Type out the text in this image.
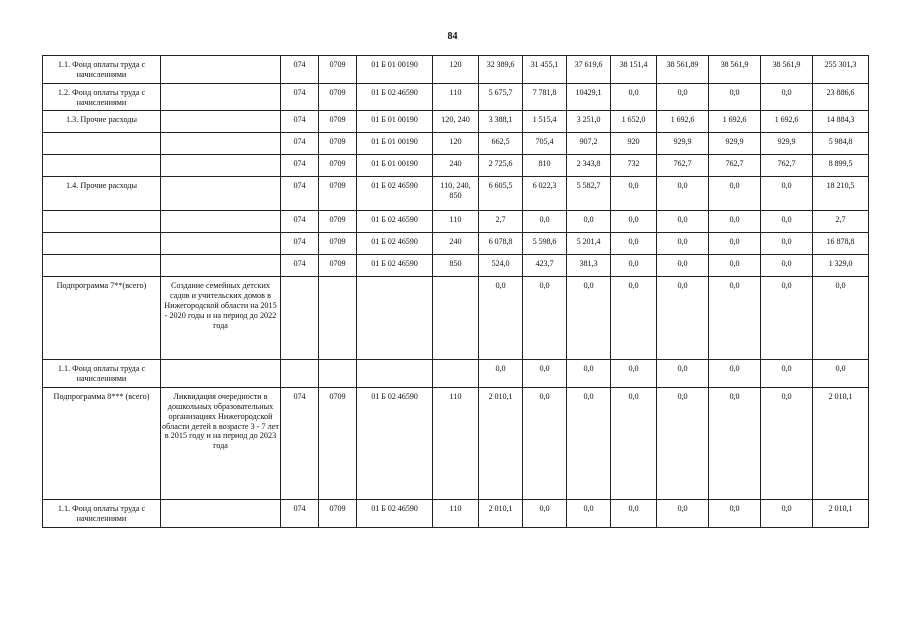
84
1.1. Фонд оплаты труда с начислениями		074	0709	01 Б 01 00190	120	32 389,6	31 455,1	37 619,6	38 151,4	38 561,89	38 561,9	38 561,9	255 301,3
1.2. Фонд оплаты труда с начислениями		074	0709	01 Б 02 46590	110	5 675,7	7 781,8	10429,1	0,0	0,0	0,0	0,0	23 886,6
1.3. Прочие расходы		074	0709	01 Б 01 00190	120, 240	3 388,1	1 515,4	3 251,0	1 652,0	1 692,6	1 692,6	1 692,6	14 884,3
		074	0709	01 Б 01 00190	120	662,5	705,4	907,2	920	929,9	929,9	929,9	5 984,8
		074	0709	01 Б 01 00190	240	2 725,6	810	2 343,8	732	762,7	762,7	762,7	8 899,5
1.4. Прочие расходы		074	0709	01 Б 02 46590	110, 240, 850	6 605,5	6 022,3	5 582,7	0,0	0,0	0,0	0,0	18 210,5
		074	0709	01 Б 02 46590	110	2,7	0,0	0,0	0,0	0,0	0,0	0,0	2,7
		074	0709	01 Б 02 46590	240	6 078,8	5 598,6	5 201,4	0,0	0,0	0,0	0,0	16 878,8
		074	0709	01 Б 02 46590	850	524,0	423,7	381,3	0,0	0,0	0,0	0,0	1 329,0
Подпрограмма 7**(всего)	Создание семейных детских садов и учительских домов в Нижегородской области на 2015 - 2020 годы и на период до 2022 года					0,0	0,0	0,0	0,0	0,0	0,0	0,0	0,0
1.1. Фонд оплаты труда с начислениями						0,0	0,0	0,0	0,0	0,0	0,0	0,0	0,0
Подпрограмма 8*** (всего)	Ликвидация очередности в дошкольных образовательных организациях Нижегородской области детей в возрасте 3 - 7 лет в 2015 году и на период до 2023 года	074	0709	01 Б 02 46590	110	2 010,1	0,0	0,0	0,0	0,0	0,0	0,0	2 010,1
1.1. Фонд оплаты труда с начислениями		074	0709	01 Б 02 46590	110	2 010,1	0,0	0,0	0,0	0,0	0,0	0,0	2 010,1
